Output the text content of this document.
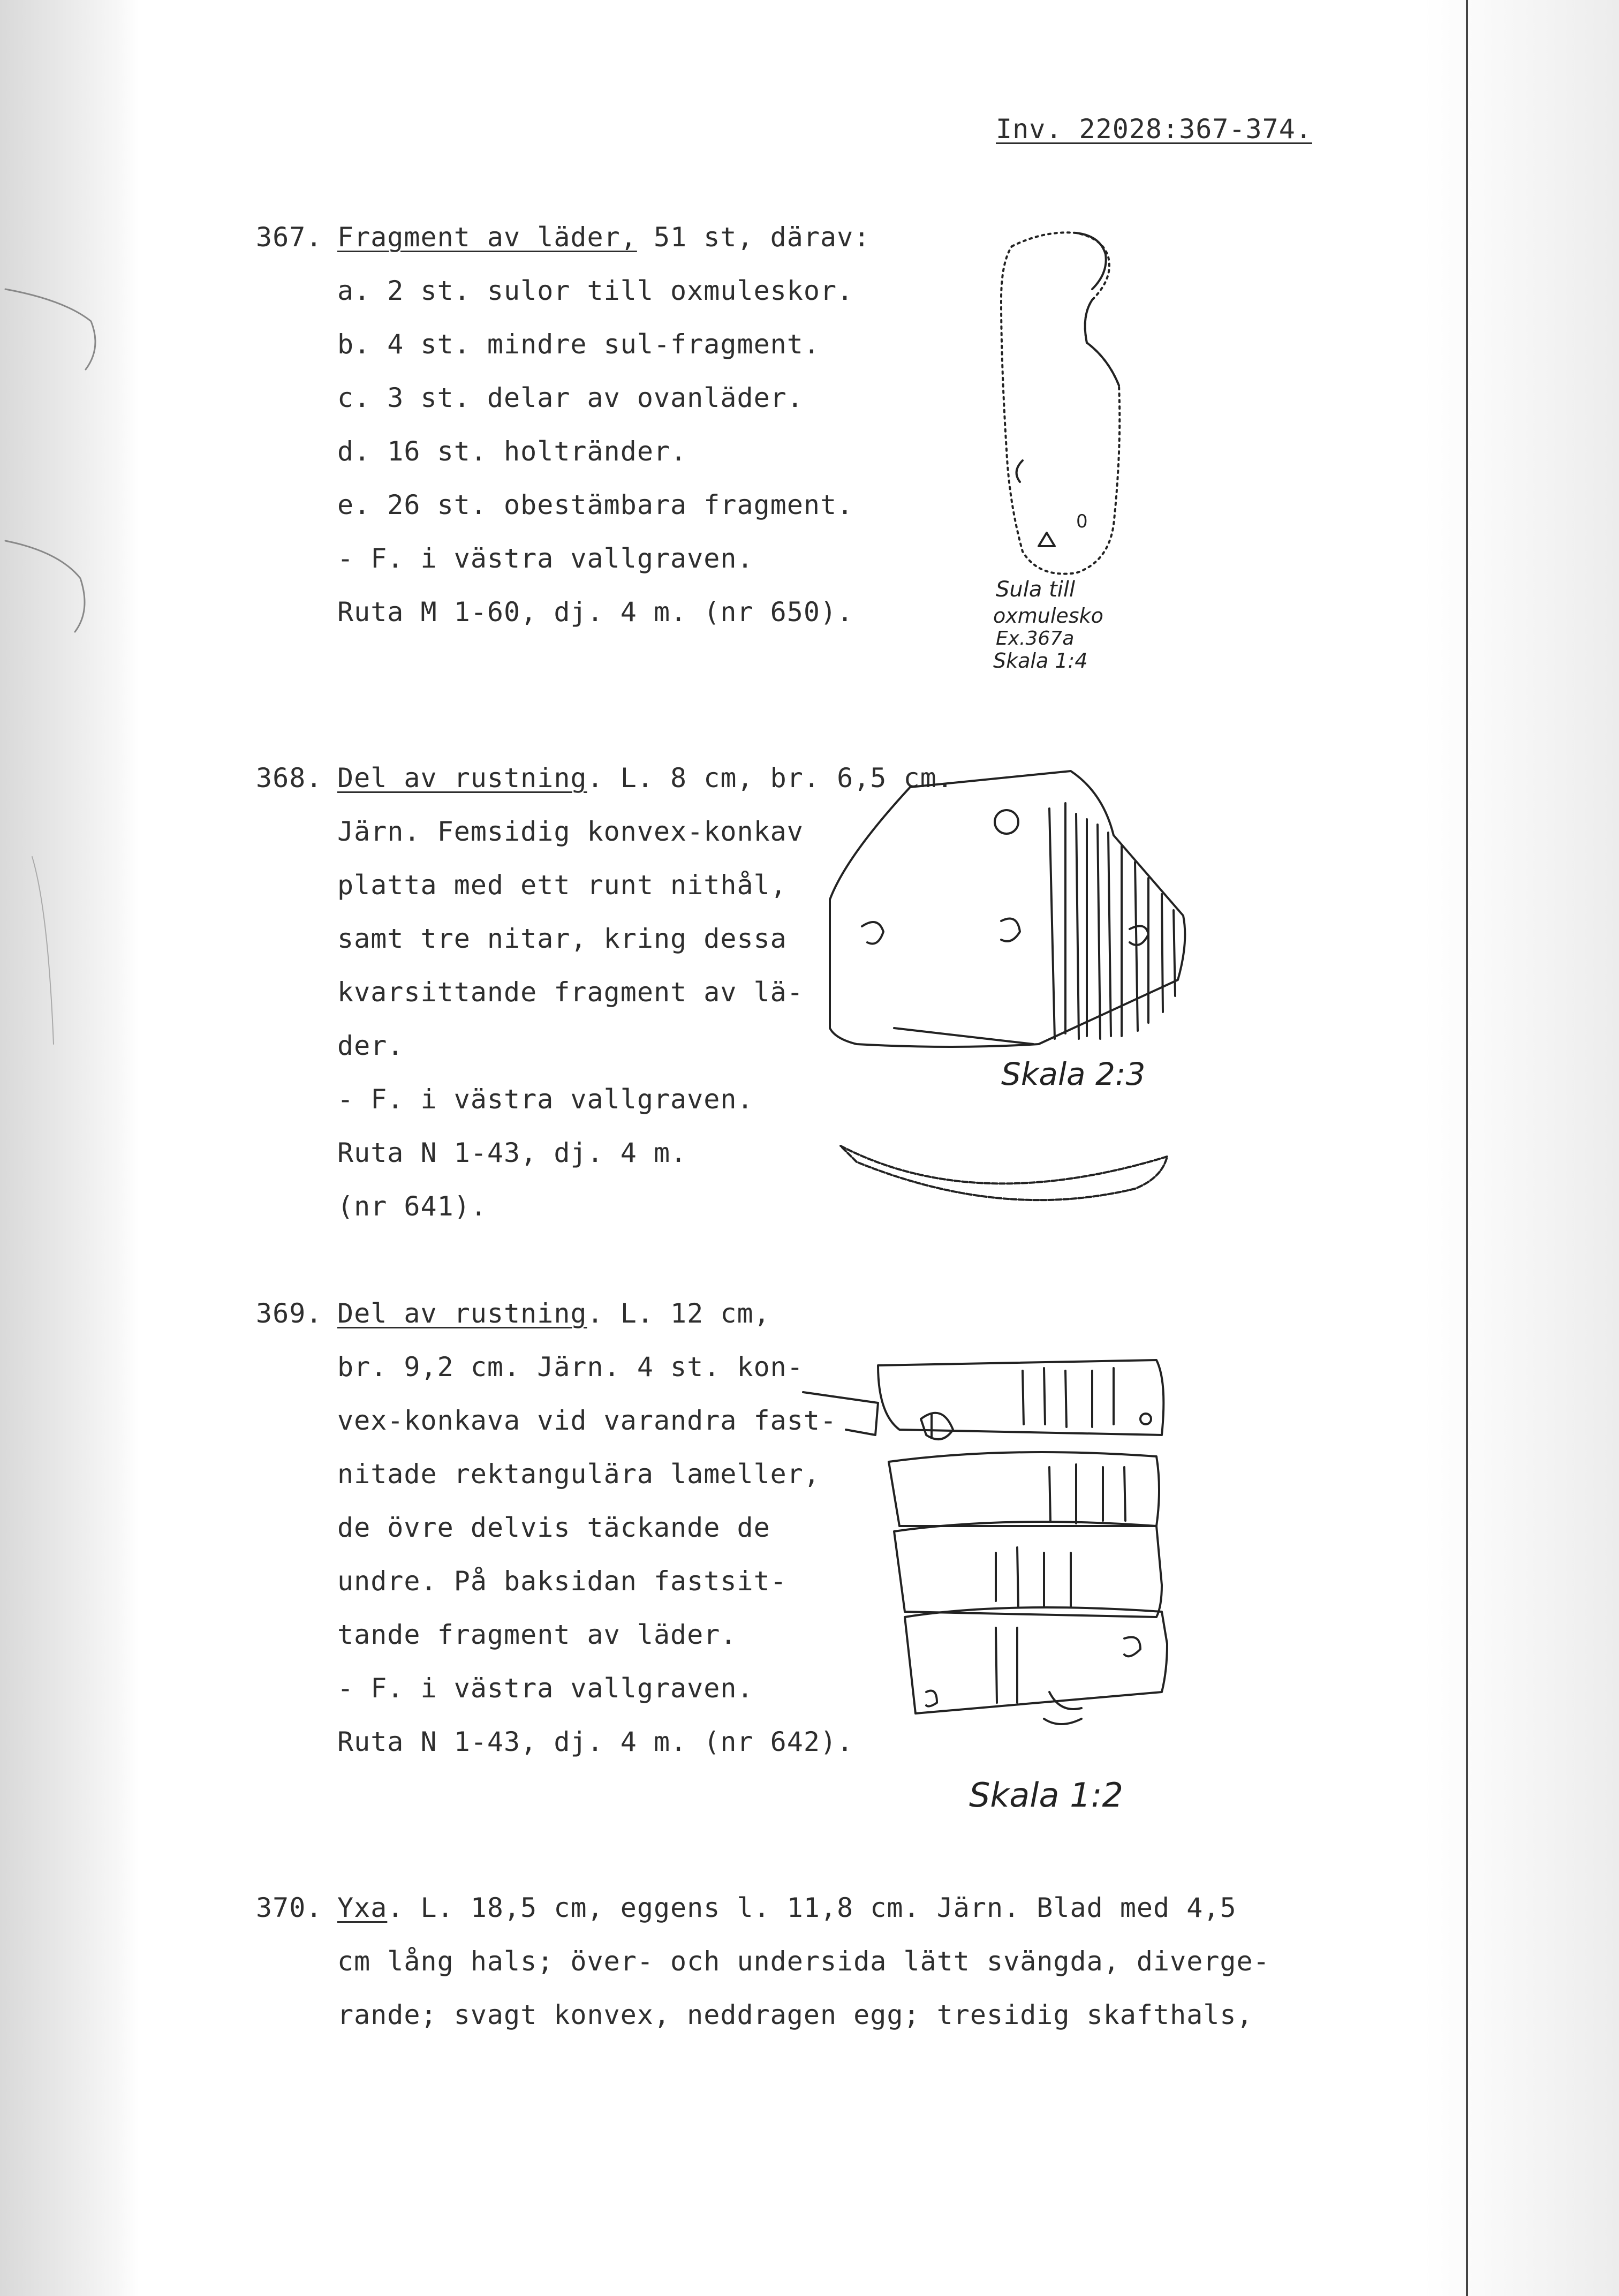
Inv. 22028:367-374.
367. Fragment av läder, 51 st, därav:
a. 2 st. sulor till oxmuleskor.
b. 4 st. mindre sul-fragment.
c. 3 st. delar av ovanläder.
d. 16 st. holtränder.
e. 26 st. obestämbara fragment.
- F. i västra vallgraven.
Ruta M 1-60, dj. 4 m. (nr 650).
0
Sula till
oxmulesko
Ex.367a
Skala 1:4
368. Del av rustning. L. 8 cm, br. 6,5 cm.
Järn. Femsidig konvex-konkav
platta med ett runt nithål,
samt tre nitar, kring dessa
kvarsittande fragment av lä-
der.
- F. i västra vallgraven.
Ruta N 1-43, dj. 4 m.
(nr 641).
Skala 2:3
369. Del av rustning. L. 12 cm,
br. 9,2 cm. Järn. 4 st. kon-
vex-konkava vid varandra fast-
nitade rektangulära lameller,
de övre delvis täckande de
undre. På baksidan fastsit-
tande fragment av läder.
- F. i västra vallgraven.
Ruta N 1-43, dj. 4 m. (nr 642).
Skala 1:2
370. Yxa. L. 18,5 cm, eggens l. 11,8 cm. Järn. Blad med 4,5
cm lång hals; över- och undersida lätt svängda, diverge-
rande; svagt konvex, neddragen egg; tresidig skafthals,
